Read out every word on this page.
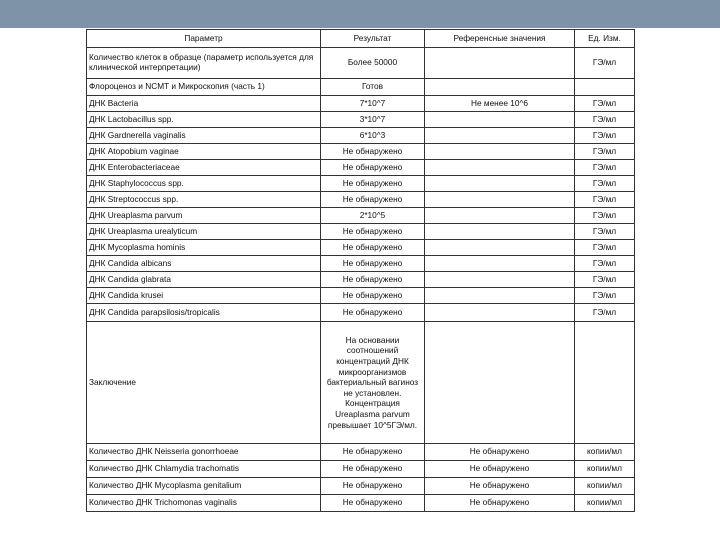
Параметр	Результат	Референсные значения	Ед. Изм.
Количество клеток в образце (параметр используется для клинической интерпретации)	Более 50000		ГЭ/мл
Флороценоз и NCMT и Микроскопия (часть 1)	Готов		
ДНК Bacteria	7*10^7	Не менее 10^6	ГЭ/мл
ДНК Lactobacillus spp.	3*10^7		ГЭ/мл
ДНК Gardnerella vaginalis	6*10^3		ГЭ/мл
ДНК Atopobium vaginae	Не обнаружено		ГЭ/мл
ДНК Enterobacteriaceae	Не обнаружено		ГЭ/мл
ДНК Staphylococcus spp.	Не обнаружено		ГЭ/мл
ДНК Streptococcus spp.	Не обнаружено		ГЭ/мл
ДНК Ureaplasma parvum	2*10^5		ГЭ/мл
ДНК Ureaplasma urealyticum	Не обнаружено		ГЭ/мл
ДНК Mycoplasma hominis	Не обнаружено		ГЭ/мл
ДНК Candida albicans	Не обнаружено		ГЭ/мл
ДНК Candida glabrata	Не обнаружено		ГЭ/мл
ДНК Candida krusei	Не обнаружено		ГЭ/мл
ДНК Candida parapsilosis/tropicalis	Не обнаружено		ГЭ/мл
Заключение	На основании соотношений концентраций ДНК микроорганизмов бактериальный вагиноз не установлен. Концентрация Ureaplasma parvum превышает 10^5ГЭ/мл.		
Количество ДНК Neisseria gonorrhoeae	Не обнаружено	Не обнаружено	копии/мл
Количество ДНК Chlamydia trachomatis	Не обнаружено	Не обнаружено	копии/мл
Количество ДНК Mycoplasma genitalium	Не обнаружено	Не обнаружено	копии/мл
Количество ДНК Trichomonas vaginalis	Не обнаружено	Не обнаружено	копии/мл
